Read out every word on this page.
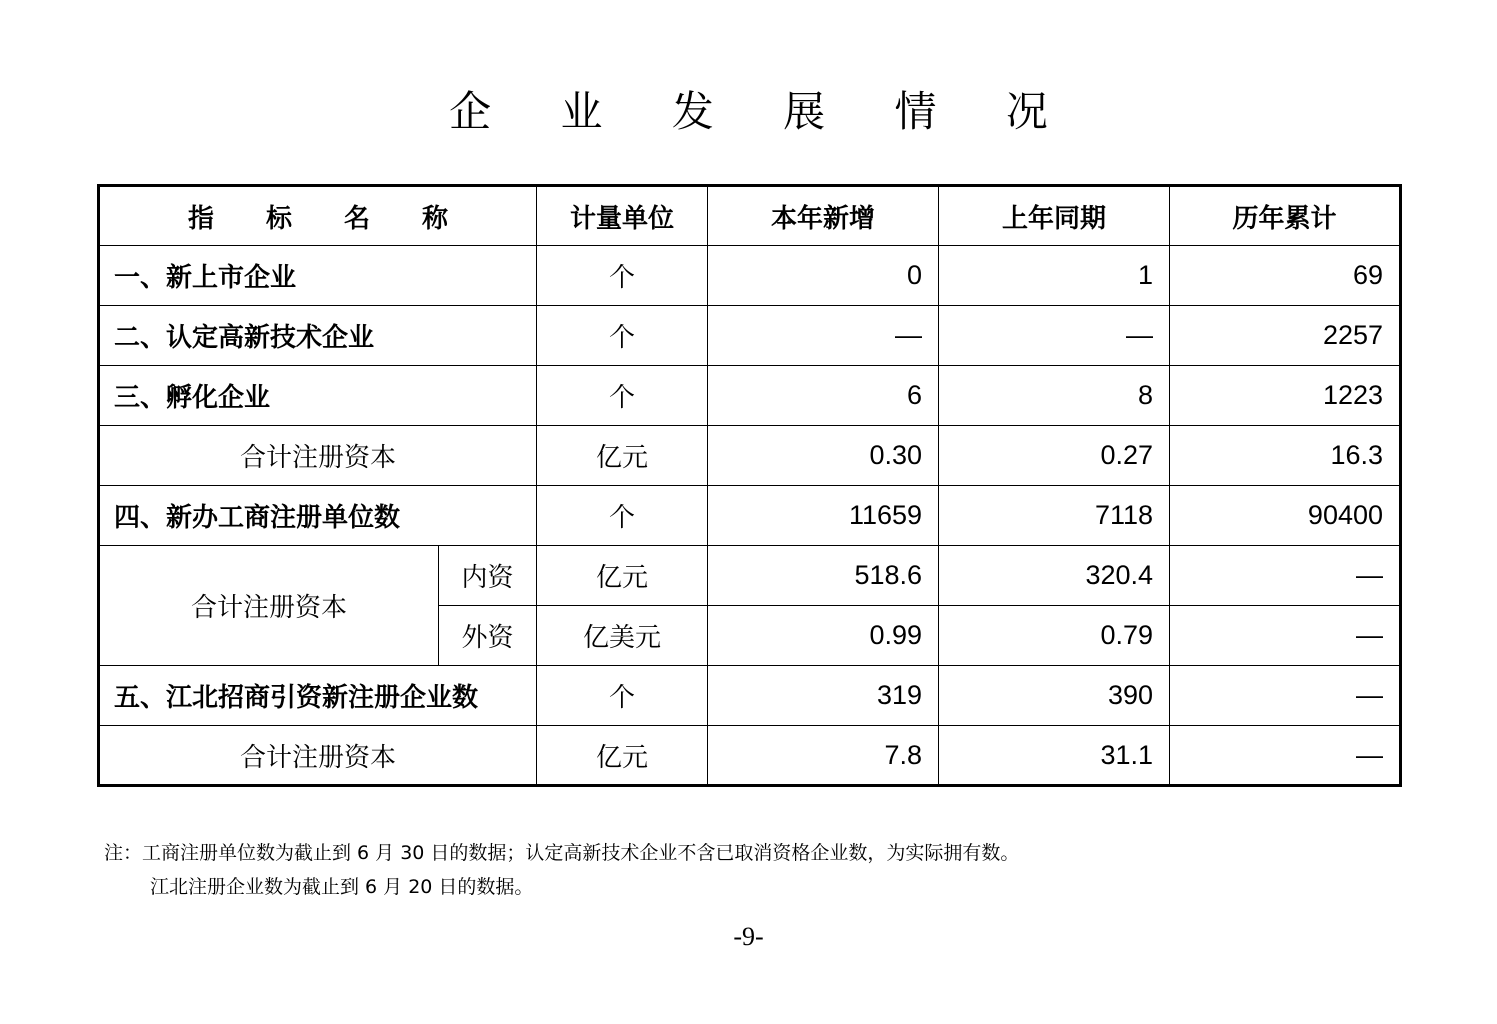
企 业 发 展 情 况
指标名称		计量单位	本年新增	上年同期	历年累计
一、新上市企业		个	0	1	69
二、认定高新技术企业		个	—	—	2257
三、孵化企业		个	6	8	1223
合计注册资本		亿元	0.30	0.27	16.3
四、新办工商注册单位数		个	11659	7118	90400
合计注册资本	内资	亿元	518.6	320.4	—
	外资	亿美元	0.99	0.79	—
五、江北招商引资新注册企业数		个	319	390	—
合计注册资本		亿元	7.8	31.1	—
注：工商注册单位数为截止到 6 月 30 日的数据；认定高新技术企业不含已取消资格企业数，为实际拥有数。
江北注册企业数为截止到 6 月 20 日的数据。
-9-
